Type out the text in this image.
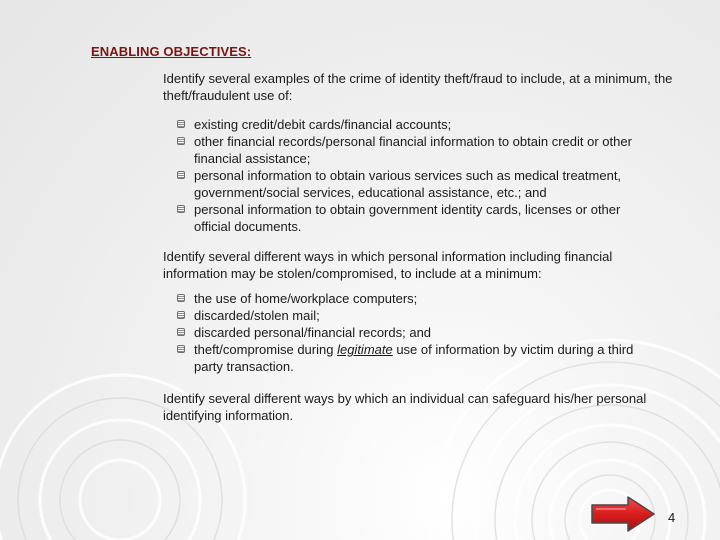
ENABLING OBJECTIVES:
Identify several examples of the crime of identity theft/fraud to include, at a minimum, the theft/fraudulent use of:
existing credit/debit cards/financial accounts;
other financial records/personal financial information to obtain credit or other financial assistance;
personal information to obtain various services such as medical treatment, government/social services, educational assistance, etc.; and
personal information to obtain government identity cards, licenses or other official documents.
Identify several different ways in which personal information including financial information may be stolen/compromised, to include at a minimum:
the use of home/workplace computers;
discarded/stolen mail;
discarded personal/financial records; and
theft/compromise during legitimate use of information by victim during a third party transaction.
Identify several different ways by which an individual can safeguard his/her personal identifying information.
4
